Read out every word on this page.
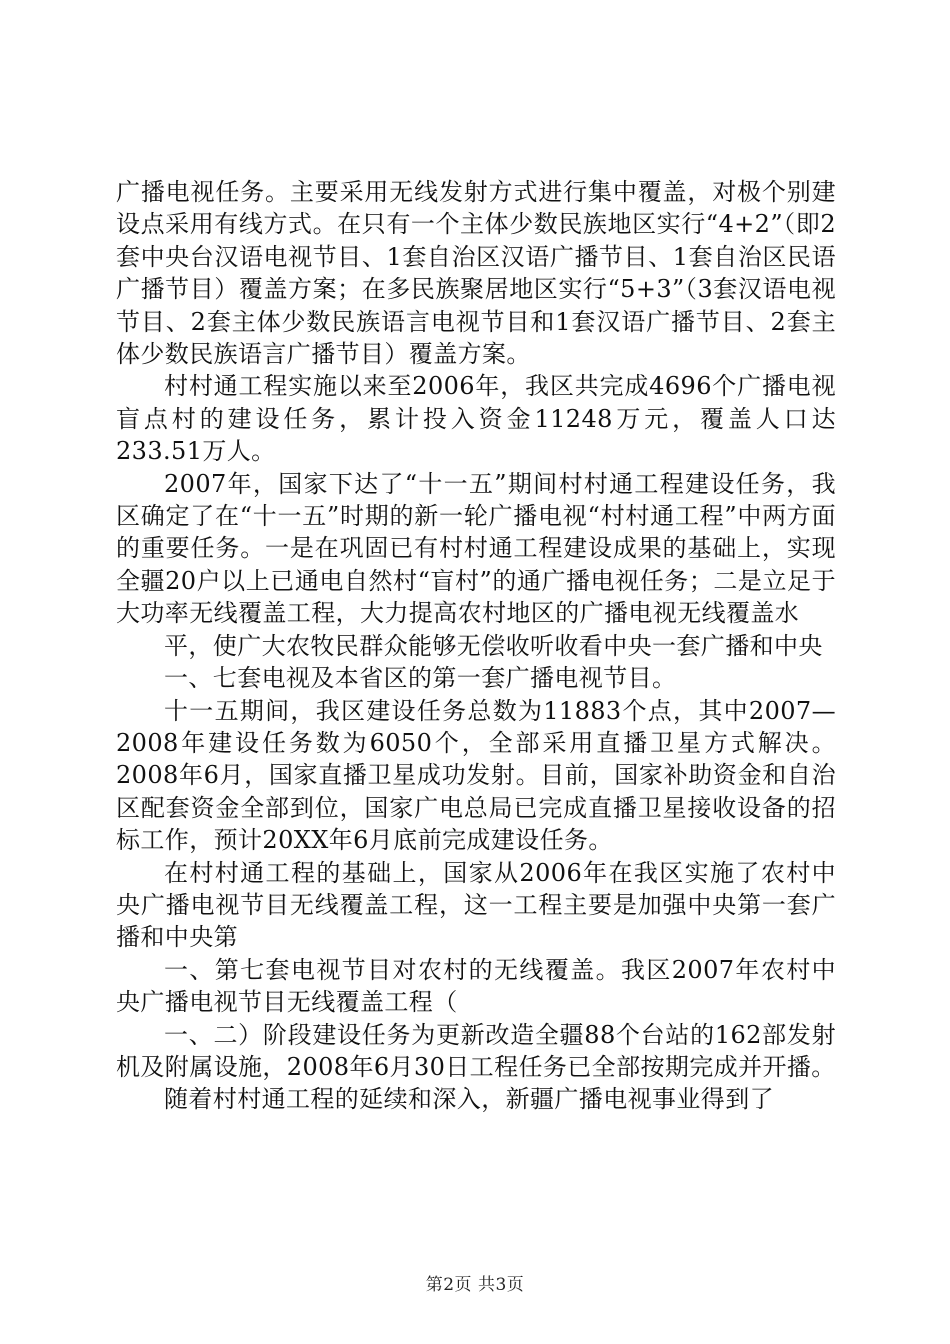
广播电视任务。主要采用无线发射方式进行集中覆盖，对极个别建设点采用有线方式。在只有一个主体少数民族地区实行“4+2”（即2套中央台汉语电视节目、1套自治区汉语广播节目、1套自治区民语广播节目）覆盖方案；在多民族聚居地区实行“5+3”（3套汉语电视节目、2套主体少数民族语言电视节目和1套汉语广播节目、2套主体少数民族语言广播节目）覆盖方案。

村村通工程实施以来至2006年，我区共完成4696个广播电视盲点村的建设任务，累计投入资金11248万元，覆盖人口达233.51万人。

2007年，国家下达了“十一五”期间村村通工程建设任务，我区确定了在“十一五”时期的新一轮广播电视“村村通工程”中两方面的重要任务。一是在巩固已有村村通工程建设成果的基础上，实现全疆20户以上已通电自然村“盲村”的通广播电视任务；二是立足于大功率无线覆盖工程，大力提高农村地区的广播电视无线覆盖水

平，使广大农牧民群众能够无偿收听收看中央一套广播和中央

一、七套电视及本省区的第一套广播电视节目。

十一五期间，我区建设任务总数为11883个点，其中2007—2008年建设任务数为6050个，全部采用直播卫星方式解决。2008年6月，国家直播卫星成功发射。目前，国家补助资金和自治区配套资金全部到位，国家广电总局已完成直播卫星接收设备的招标工作，预计20XX年6月底前完成建设任务。

在村村通工程的基础上，国家从2006年在我区实施了农村中央广播电视节目无线覆盖工程，这一工程主要是加强中央第一套广播和中央第

一、第七套电视节目对农村的无线覆盖。我区2007年农村中央广播电视节目无线覆盖工程（

一、二）阶段建设任务为更新改造全疆88个台站的162部发射机及附属设施，2008年6月30日工程任务已全部按期完成并开播。

随着村村通工程的延续和深入，新疆广播电视事业得到了

第2页 共3页
